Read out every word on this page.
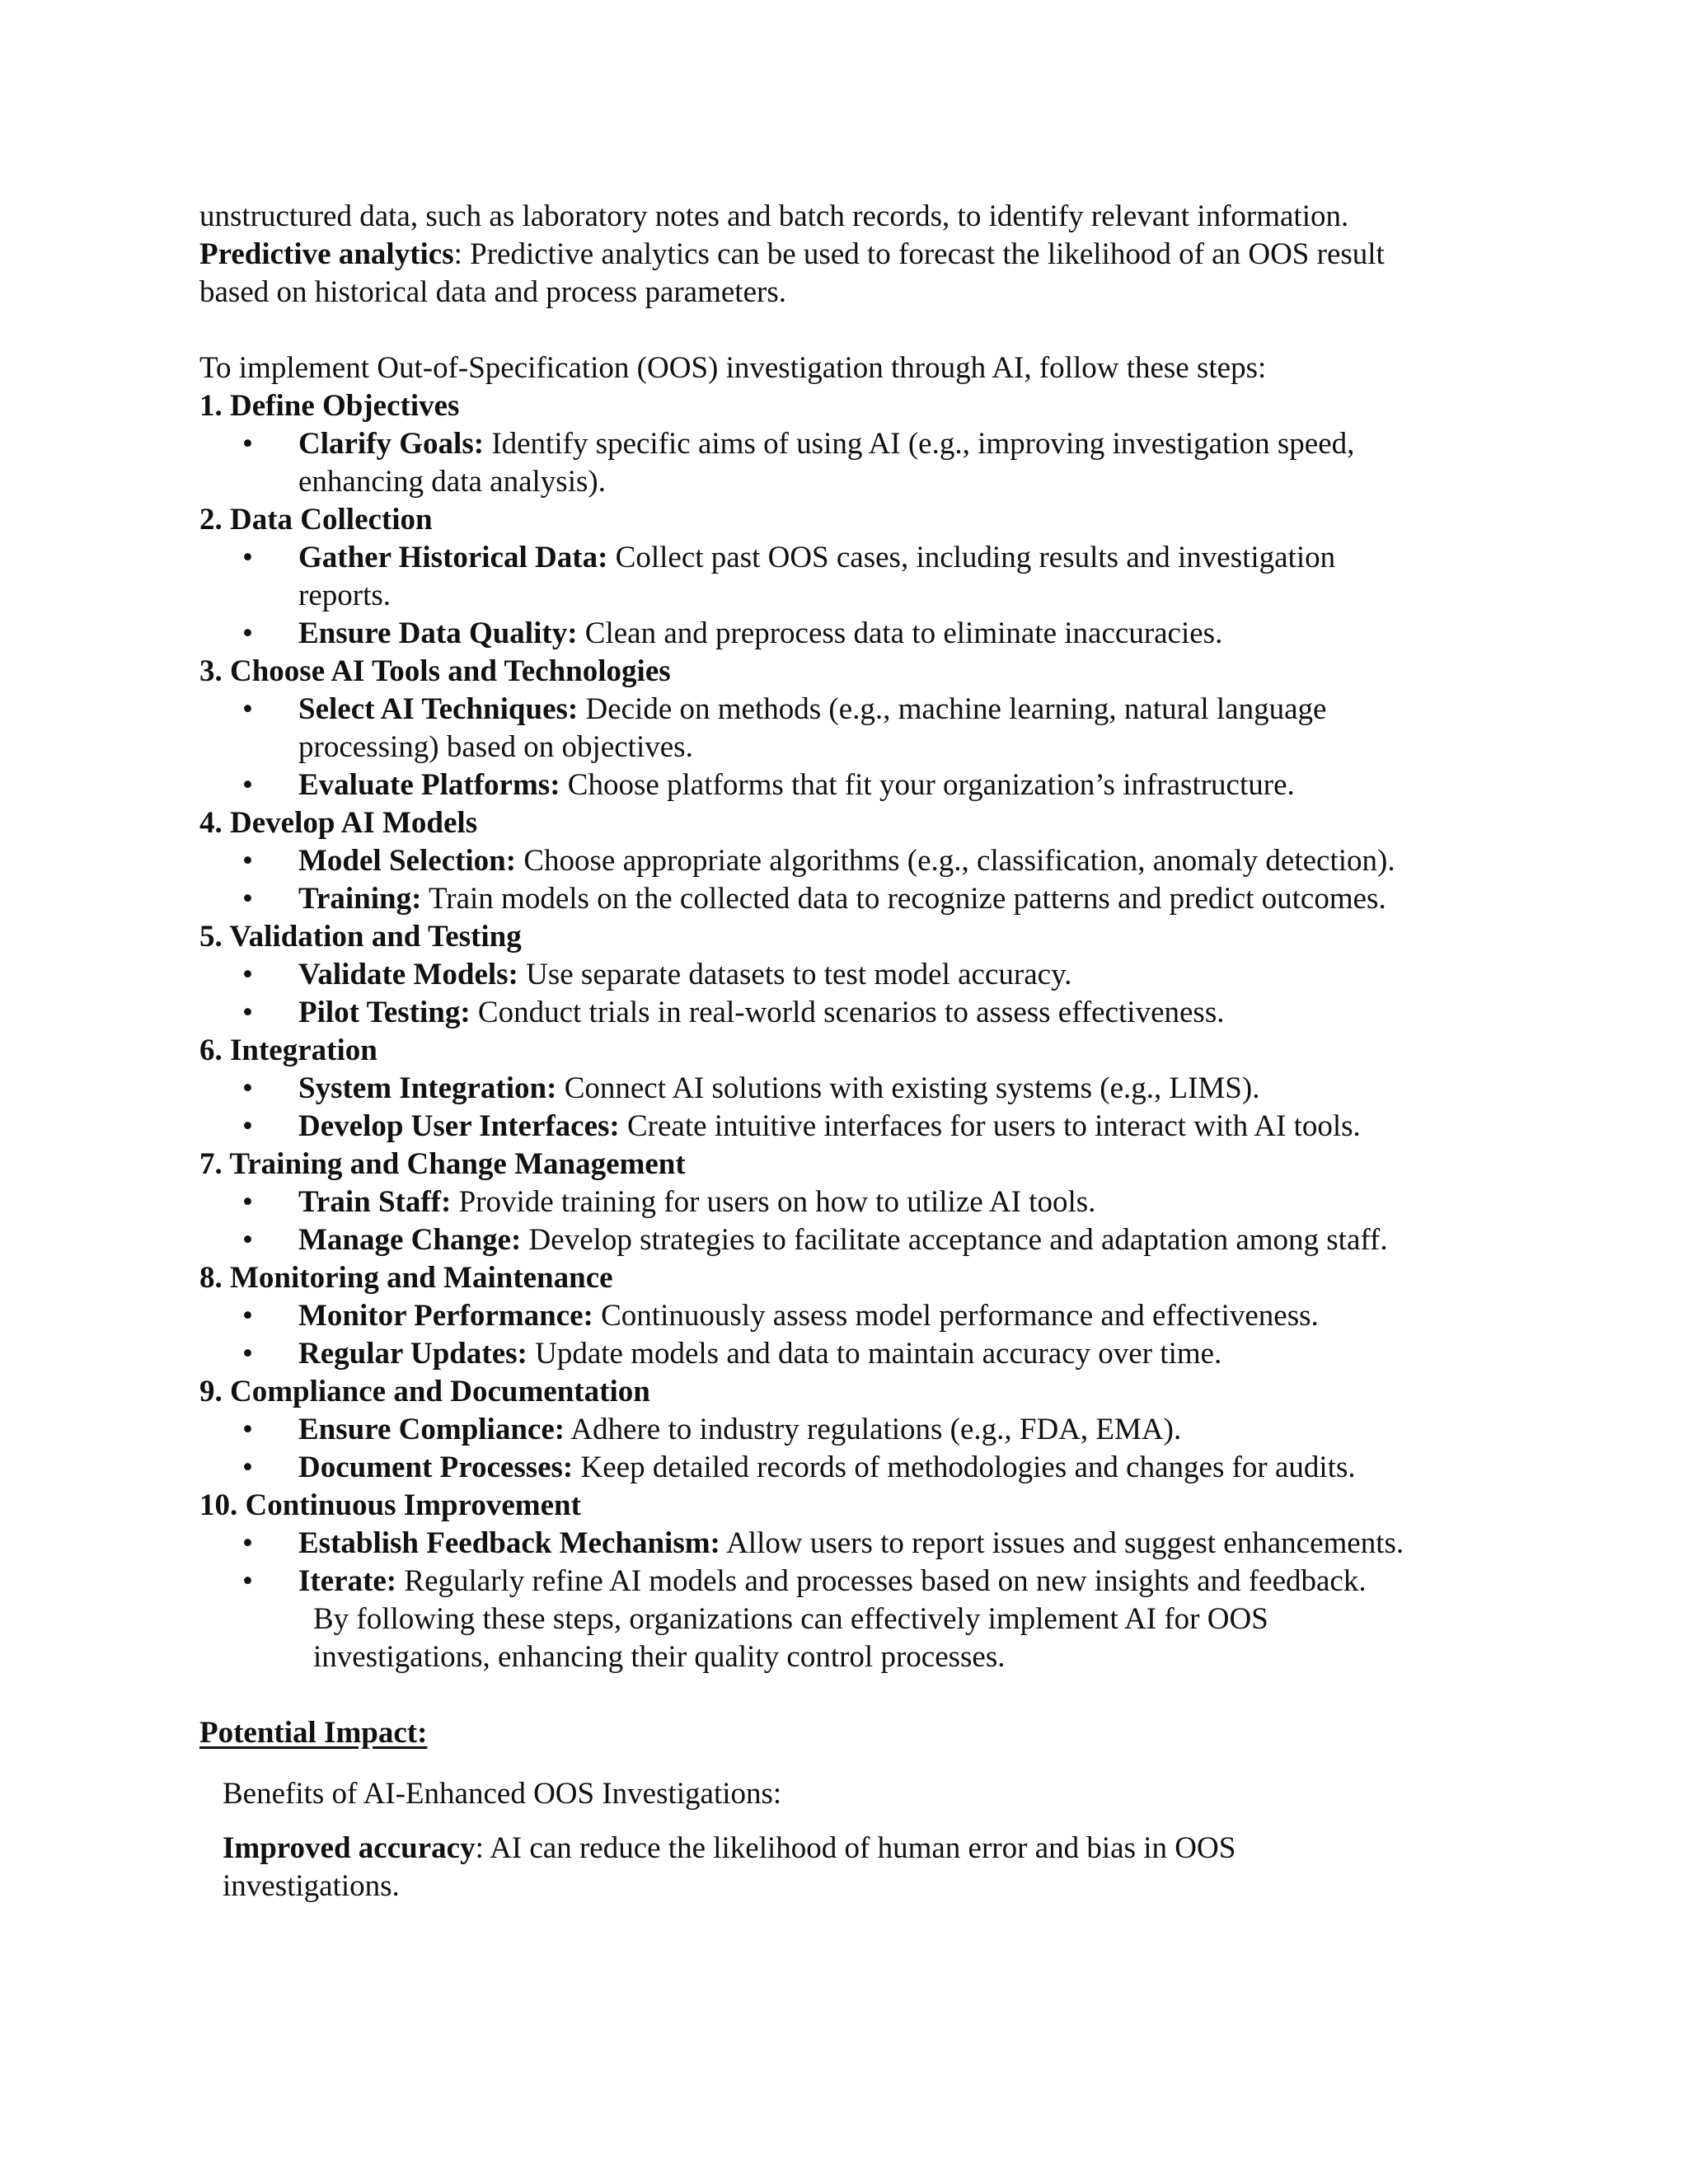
unstructured data, such as laboratory notes and batch records, to identify relevant information.
Predictive analytics: Predictive analytics can be used to forecast the likelihood of an OOS result
based on historical data and process parameters.
To implement Out-of-Specification (OOS) investigation through AI, follow these steps:
1. Define Objectives
•	Clarify Goals: Identify specific aims of using AI (e.g., improving investigation speed,
enhancing data analysis).
2. Data Collection
•	Gather Historical Data: Collect past OOS cases, including results and investigation
reports.
•	Ensure Data Quality: Clean and preprocess data to eliminate inaccuracies.
3. Choose AI Tools and Technologies
•	Select AI Techniques: Decide on methods (e.g., machine learning, natural language
processing) based on objectives.
•	Evaluate Platforms: Choose platforms that fit your organization’s infrastructure.
4. Develop AI Models
•	Model Selection: Choose appropriate algorithms (e.g., classification, anomaly detection).
•	Training: Train models on the collected data to recognize patterns and predict outcomes.
5. Validation and Testing
•	Validate Models: Use separate datasets to test model accuracy.
•	Pilot Testing: Conduct trials in real-world scenarios to assess effectiveness.
6. Integration
•	System Integration: Connect AI solutions with existing systems (e.g., LIMS).
•	Develop User Interfaces: Create intuitive interfaces for users to interact with AI tools.
7. Training and Change Management
•	Train Staff: Provide training for users on how to utilize AI tools.
•	Manage Change: Develop strategies to facilitate acceptance and adaptation among staff.
8. Monitoring and Maintenance
•	Monitor Performance: Continuously assess model performance and effectiveness.
•	Regular Updates: Update models and data to maintain accuracy over time.
9. Compliance and Documentation
•	Ensure Compliance: Adhere to industry regulations (e.g., FDA, EMA).
•	Document Processes: Keep detailed records of methodologies and changes for audits.
10. Continuous Improvement
•	Establish Feedback Mechanism: Allow users to report issues and suggest enhancements.
•	Iterate: Regularly refine AI models and processes based on new insights and feedback.
By following these steps, organizations can effectively implement AI for OOS
investigations, enhancing their quality control processes.
Potential Impact:
Benefits of AI-Enhanced OOS Investigations:
Improved accuracy: AI can reduce the likelihood of human error and bias in OOS
investigations.
